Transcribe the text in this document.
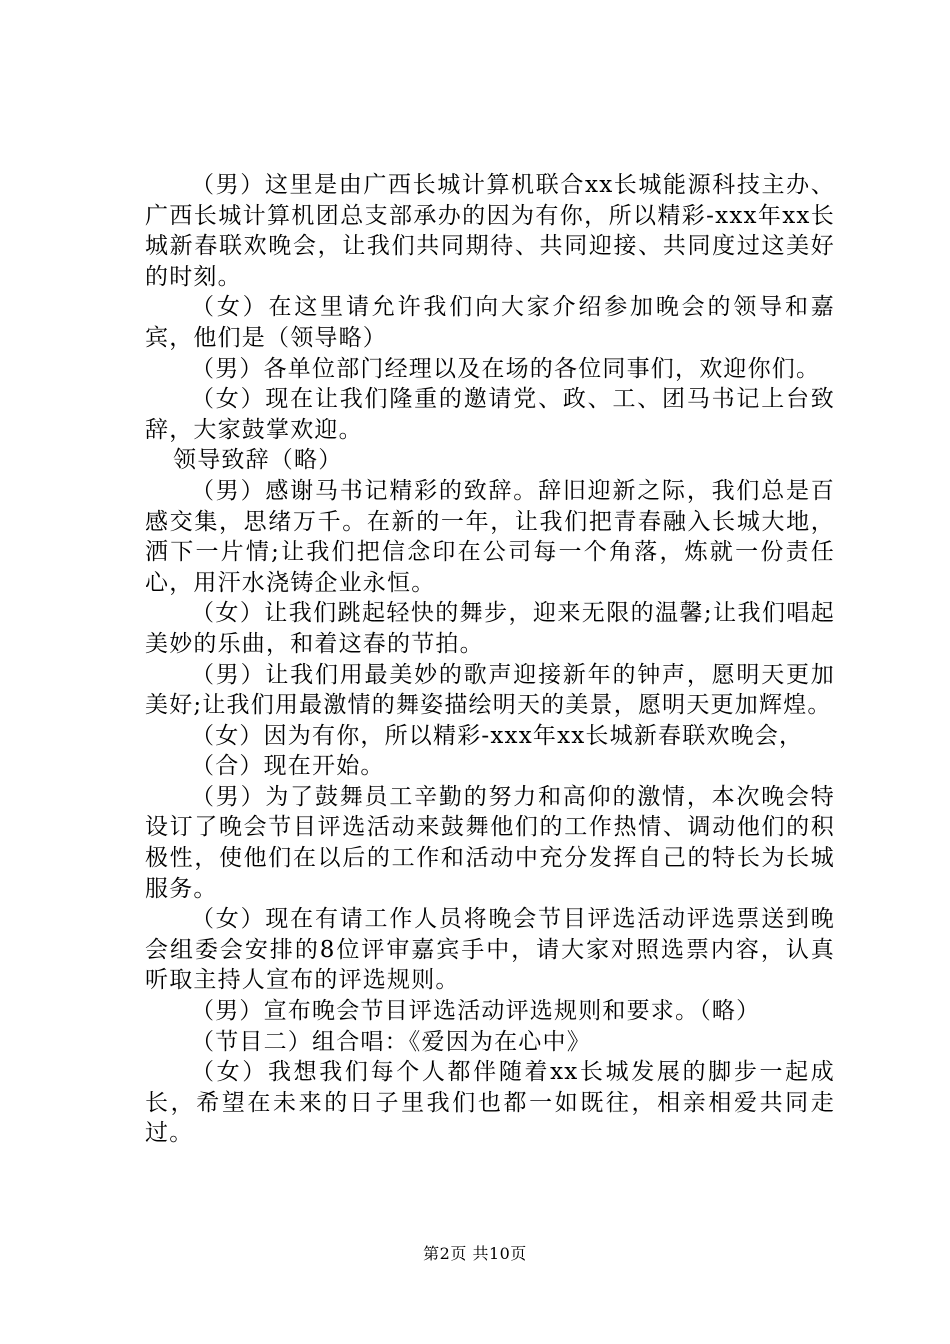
（男）这里是由广西长城计算机联合xx长城能源科技主办、广西长城计算机团总支部承办的因为有你，所以精彩-xxx年xx长城新春联欢晚会，让我们共同期待、共同迎接、共同度过这美好的时刻。

（女）在这里请允许我们向大家介绍参加晚会的领导和嘉宾，他们是（领导略）

（男）各单位部门经理以及在场的各位同事们，欢迎你们。

（女）现在让我们隆重的邀请党、政、工、团马书记上台致辞，大家鼓掌欢迎。

领导致辞（略）

（男）感谢马书记精彩的致辞。辞旧迎新之际，我们总是百感交集，思绪万千。在新的一年，让我们把青春融入长城大地，洒下一片情;让我们把信念印在公司每一个角落，炼就一份责任心，用汗水浇铸企业永恒。

（女）让我们跳起轻快的舞步，迎来无限的温馨;让我们唱起美妙的乐曲，和着这春的节拍。

（男）让我们用最美妙的歌声迎接新年的钟声，愿明天更加美好;让我们用最激情的舞姿描绘明天的美景，愿明天更加辉煌。

（女）因为有你，所以精彩-xxx年xx长城新春联欢晚会，

（合）现在开始。

（男）为了鼓舞员工辛勤的努力和高仰的激情，本次晚会特设订了晚会节目评选活动来鼓舞他们的工作热情、调动他们的积极性，使他们在以后的工作和活动中充分发挥自己的特长为长城服务。

（女）现在有请工作人员将晚会节目评选活动评选票送到晚会组委会安排的8位评审嘉宾手中，请大家对照选票内容，认真听取主持人宣布的评选规则。

（男）宣布晚会节目评选活动评选规则和要求。（略）

（节目二）组合唱：《爱因为在心中》

（女）我想我们每个人都伴随着xx长城发展的脚步一起成长，希望在未来的日子里我们也都一如既往，相亲相爱共同走过。

第2页 共10页
